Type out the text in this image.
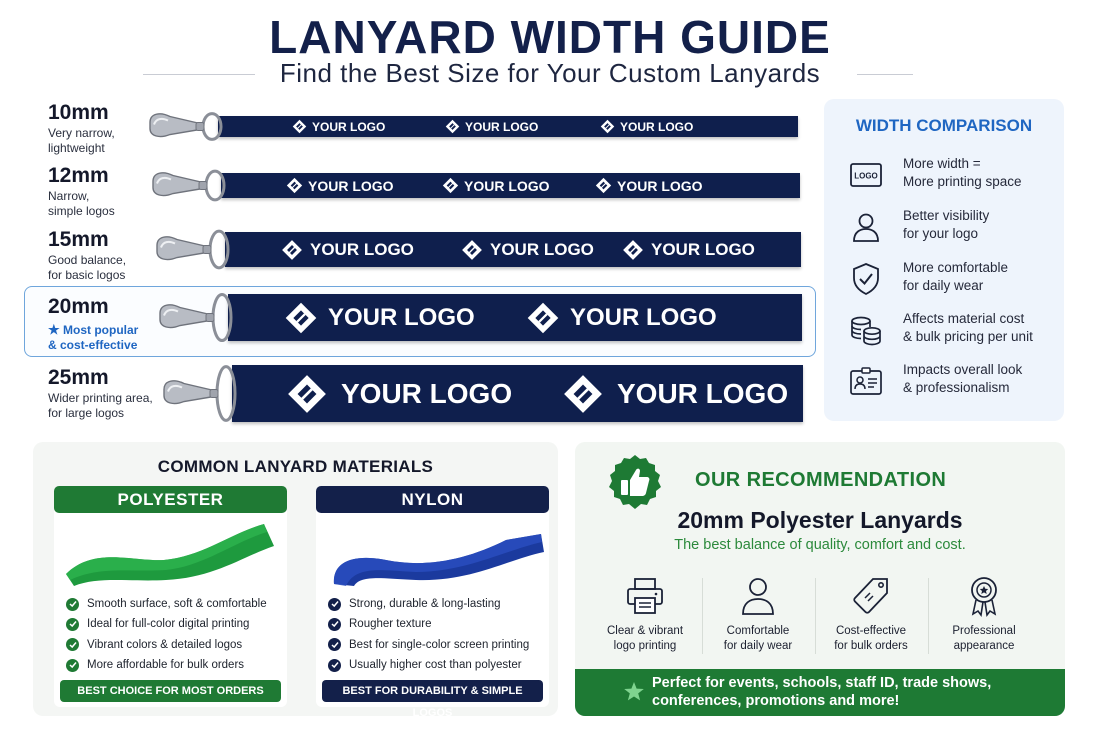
LANYARD WIDTH GUIDE
Find the Best Size for Your Custom Lanyards
10mm
Very narrow,
lightweight
YOUR LOGO	YOUR LOGO	YOUR LOGO
12mm
Narrow,
simple logos
YOUR LOGO	YOUR LOGO	YOUR LOGO
15mm
Good balance,
for basic logos
YOUR LOGO	YOUR LOGO	YOUR LOGO
20mm
★ Most popular
& cost-effective
YOUR LOGO	YOUR LOGO
25mm
Wider printing area,
for large logos
YOUR LOGO	YOUR LOGO
WIDTH COMPARISON
LOGO
More width =
More printing space
Better visibility
for your logo
More comfortable
for daily wear
Affects material cost
& bulk pricing per unit
Impacts overall look
& professionalism
COMMON LANYARD MATERIALS
POLYESTER
Smooth surface, soft & comfortable
Ideal for full-color digital printing
Vibrant colors & detailed logos
More affordable for bulk orders
BEST CHOICE FOR MOST ORDERS
NYLON
Strong, durable & long-lasting
Rougher texture
Best for single-color screen printing
Usually higher cost than polyester
BEST FOR DURABILITY & SIMPLE LOGOS
OUR RECOMMENDATION
20mm Polyester Lanyards
The best balance of quality, comfort and cost.
Clear & vibrant
logo printing
Comfortable
for daily wear
Cost-effective
for bulk orders
Professional
appearance
Perfect for events, schools, staff ID, trade shows, conferences, promotions and more!
